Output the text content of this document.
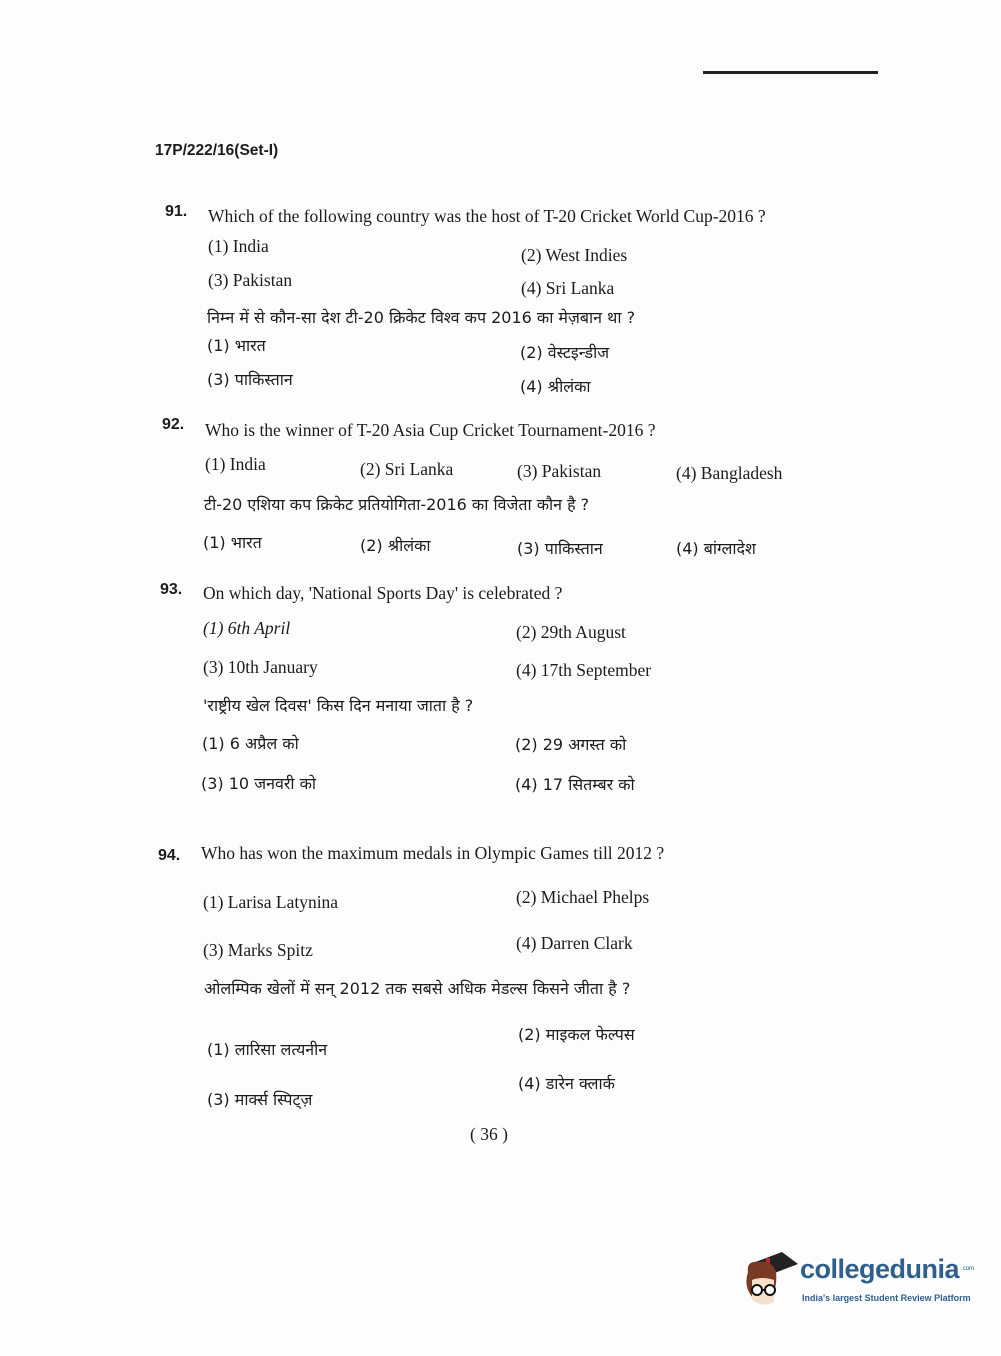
17P/222/16(Set-I)
91. Which of the following country was the host of T-20 Cricket World Cup-2016 ?
(1) India	(2) West Indies
(3) Pakistan	(4) Sri Lanka
निम्न में से कौन-सा देश टी-20 क्रिकेट विश्व कप 2016 का मेज़बान था ?
(1) भारत	(2) वेस्टइन्डीज
(3) पाकिस्तान	(4) श्रीलंका
92. Who is the winner of T-20 Asia Cup Cricket Tournament-2016 ?
(1) India	(2) Sri Lanka	(3) Pakistan	(4) Bangladesh
टी-20 एशिया कप क्रिकेट प्रतियोगिता-2016 का विजेता कौन है ?
(1) भारत	(2) श्रीलंका	(3) पाकिस्तान	(4) बांग्लादेश
93. On which day, 'National Sports Day' is celebrated ?
(1) 6th April	(2) 29th August
(3) 10th January	(4) 17th September
'राष्ट्रीय खेल दिवस' किस दिन मनाया जाता है ?
(1) 6 अप्रैल को	(2) 29 अगस्त को
(3) 10 जनवरी को	(4) 17 सितम्बर को
94. Who has won the maximum medals in Olympic Games till 2012 ?
(1) Larisa Latynina	(2) Michael Phelps
(3) Marks Spitz	(4) Darren Clark
ओलम्पिक खेलों में सन् 2012 तक सबसे अधिक मेडल्स किसने जीता है ?
(1) लारिसा लत्यनीन
(2) माइकल फेल्पस
(3) मार्क्स स्पिट्ज़
(4) डारेन क्लार्क
( 36 )
collegedunia .com
India's largest Student Review Platform
